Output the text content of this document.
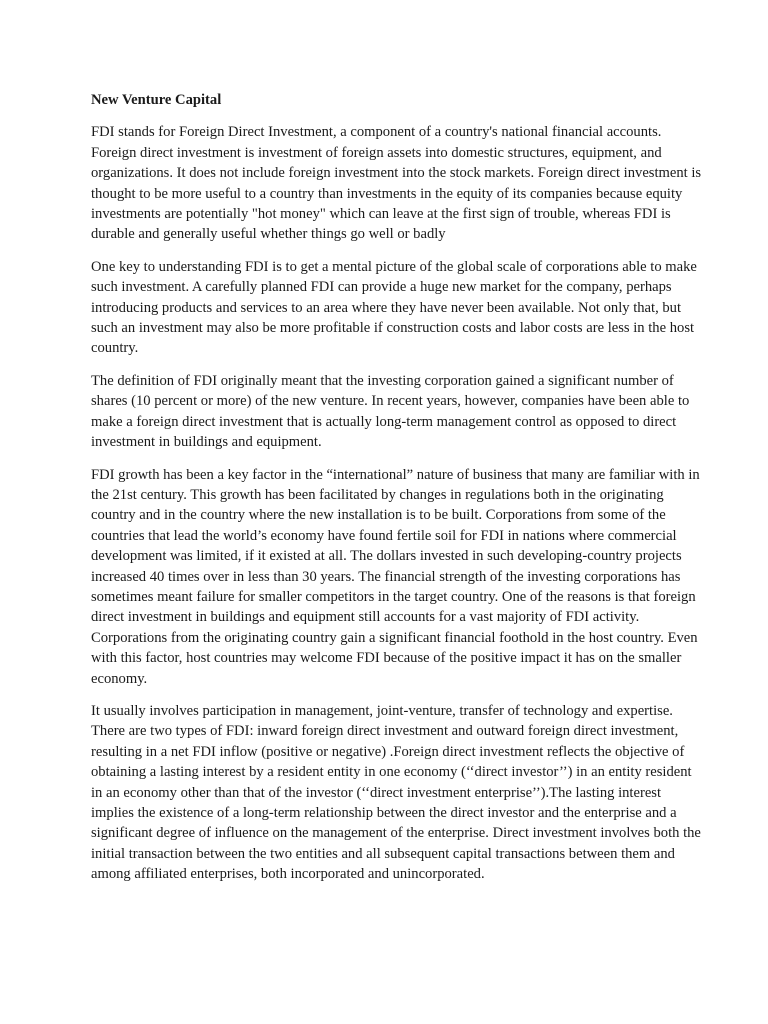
New Venture Capital

FDI stands for Foreign Direct Investment, a component of a country's national financial accounts. Foreign direct investment is investment of foreign assets into domestic structures, equipment, and organizations. It does not include foreign investment into the stock markets. Foreign direct investment is thought to be more useful to a country than investments in the equity of its companies because equity investments are potentially "hot money" which can leave at the first sign of trouble, whereas FDI is durable and generally useful whether things go well or badly

One key to understanding FDI is to get a mental picture of the global scale of corporations able to make such investment. A carefully planned FDI can provide a huge new market for the company, perhaps introducing products and services to an area where they have never been available. Not only that, but such an investment may also be more profitable if construction costs and labor costs are less in the host country.

The definition of FDI originally meant that the investing corporation gained a significant number of shares (10 percent or more) of the new venture. In recent years, however, companies have been able to make a foreign direct investment that is actually long-term management control as opposed to direct investment in buildings and equipment.

FDI growth has been a key factor in the “international” nature of business that many are familiar with in the 21st century. This growth has been facilitated by changes in regulations both in the originating country and in the country where the new installation is to be built. Corporations from some of the countries that lead the world’s economy have found fertile soil for FDI in nations where commercial development was limited, if it existed at all. The dollars invested in such developing-country projects increased 40 times over in less than 30 years. The financial strength of the investing corporations has sometimes meant failure for smaller competitors in the target country. One of the reasons is that foreign direct investment in buildings and equipment still accounts for a vast majority of FDI activity. Corporations from the originating country gain a significant financial foothold in the host country. Even with this factor, host countries may welcome FDI because of the positive impact it has on the smaller economy.

It usually involves participation in management, joint-venture, transfer of technology and expertise. There are two types of FDI: inward foreign direct investment and outward foreign direct investment, resulting in a net FDI inflow (positive or negative) .Foreign direct investment reflects the objective of obtaining a lasting interest by a resident entity in one economy (‘‘direct investor’’) in an entity resident in an economy other than that of the investor (‘‘direct investment enterprise’’).The lasting interest implies the existence of a long-term relationship between the direct investor and the enterprise and a significant degree of influence on the management of the enterprise. Direct investment involves both the initial transaction between the two entities and all subsequent capital transactions between them and among affiliated enterprises, both incorporated and unincorporated.
